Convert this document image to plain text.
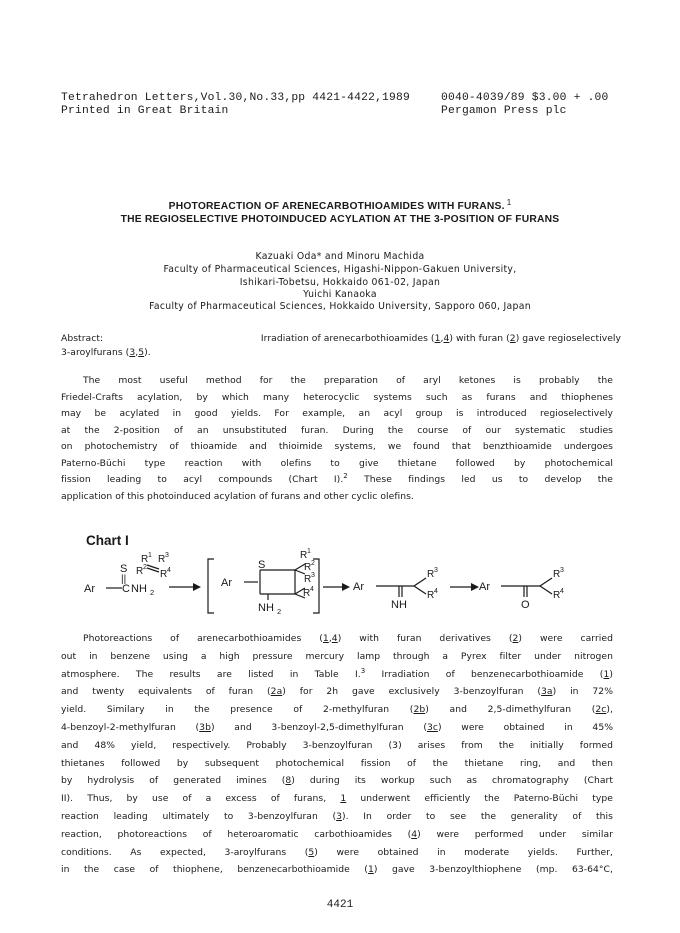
Tetrahedron Letters,Vol.30,No.33,pp 4421-4422,1989
Printed in Great Britain
0040-4039/89 $3.00 + .00
Pergamon Press plc
PHOTOREACTION OF ARENECARBOTHIOAMIDES WITH FURANS. $^1$
THE REGIOSELECTIVE PHOTOINDUCED ACYLATION AT THE 3-POSITION OF FURANS
Kazuaki Oda* and Minoru Machida
Faculty of Pharmaceutical Sciences, Higashi-Nippon-Gakuen University,
Ishikari-Tobetsu, Hokkaido 061-02, Japan
Yuichi Kanaoka
Faculty of Pharmaceutical Sciences, Hokkaido University, Sapporo 060, Japan
Abstract:	Irradiation of arenecarbothioamides (1,4) with furan (2) gave regioselectively
3-aroylfurans (3,5).
The most useful method for the preparation of aryl ketones is probably the
Friedel-Crafts acylation, by which many heterocyclic systems such as furans and thiophenes
may be acylated in good yields. For example, an acyl group is introduced regioselectively
at the 2-position of an unsubstituted furan. During the course of our systematic studies
on photochemistry of thioamide and thioimide systems, we found that benzthioamide undergoes
Paterno-Büchi type reaction with olefins to give thietane followed by photochemical
fission leading to acyl compounds (Chart I).$^2$ These findings led us to develop the
application of this photoinduced acylation of furans and other cyclic olefins.
Chart I
S
||
Ar C NH 2
R 1 R 3
R 2
R 4
Ar
S
R 1
R 2
R 3
R 4
NH 2
Ar
NH
R 3
R 4	Ar
O
R 3
R 4
Photoreactions of arenecarbothioamides (1,4) with furan derivatives (2) were carried
out in benzene using a high pressure mercury lamp through a Pyrex filter under nitrogen
atmosphere. The results are listed in Table I.$^3$ Irradiation of benzenecarbothioamide (1)
and twenty equivalents of furan (2a) for 2h gave exclusively 3-benzoylfuran (3a) in 72%
yield. Similary in the presence of 2-methylfuran (2b) and 2,5-dimethylfuran (2c),
4-benzoyl-2-methylfuran (3b) and 3-benzoyl-2,5-dimethylfuran (3c) were obtained in 45%
and 48% yield, respectively. Probably 3-benzoylfuran (3) arises from the initially formed
thietanes followed by subsequent photochemical fission of the thietane ring, and then
by hydrolysis of generated imines (8) during its workup such as chromatography (Chart
II). Thus, by use of a excess of furans, 1 underwent efficiently the Paterno-Büchi type
reaction leading ultimately to 3-benzoylfuran (3). In order to see the generality of this
reaction, photoreactions of heteroaromatic carbothioamides (4) were performed under similar
conditions. As expected, 3-aroylfurans (5) were obtained in moderate yields. Further,
in the case of thiophene, benzenecarbothioamide (1) gave 3-benzoylthiophene (mp. 63-64°C,
4421
